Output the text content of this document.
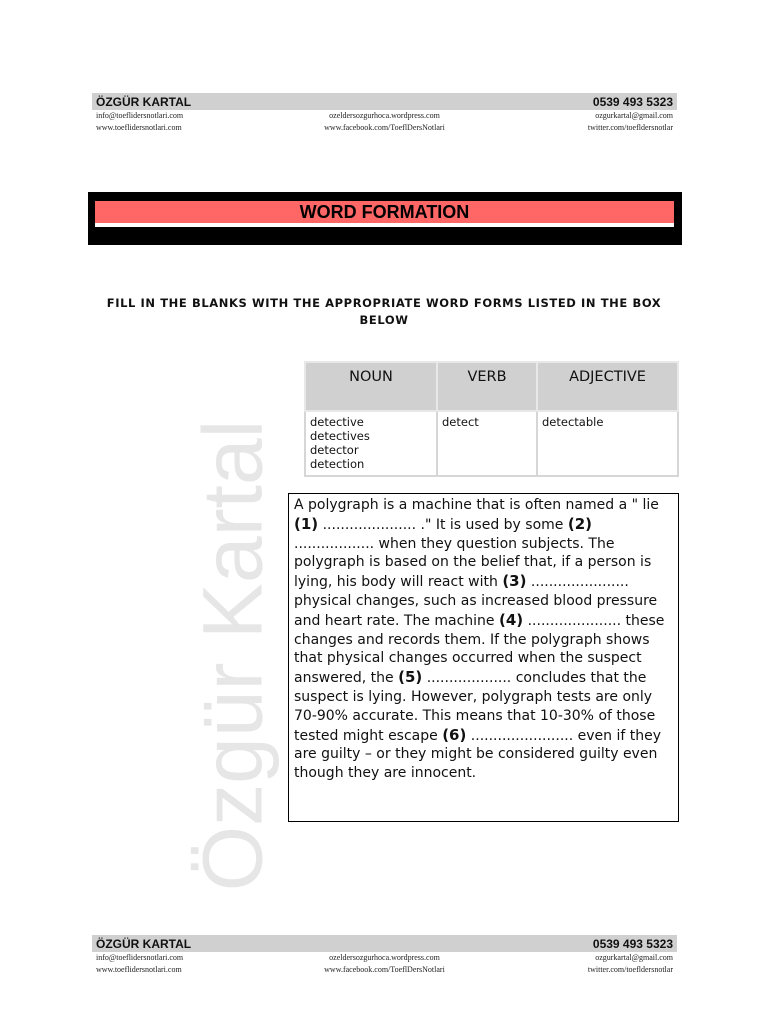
ÖZGÜR KARTAL	0539 493 5323
info@toeflidersnotlari.com	ozeldersozgurhoca.wordpress.com	ozgurkartal@gmail.com
www.toeflidersnotlari.com	www.facebook.com/ToeflDersNotlari	twitter.com/toefldersnotlar
WORD FORMATION
FILL IN THE BLANKS WITH THE APPROPRIATE WORD FORMS LISTED IN THE BOX BELOW
Özgür Kartal
NOUN	VERB	ADJECTIVE

detective
detectives
detector
detection	detect	detectable
A polygraph is a machine that is often named a " lie (1) ..................... ." It is used by some (2) .................. when they question subjects. The polygraph is based on the belief that, if a person is lying, his body will react with (3) ...................... physical changes, such as increased blood pressure and heart rate. The machine (4) ..................... these changes and records them. If the polygraph shows that physical changes occurred when the suspect answered, the (5) ................... concludes that the suspect is lying. However, polygraph tests are only 70-90% accurate. This means that 10-30% of those tested might escape (6) ....................... even if they are guilty – or they might be considered guilty even though they are innocent.
ÖZGÜR KARTAL	0539 493 5323
info@toeflidersnotlari.com	ozeldersozgurhoca.wordpress.com	ozgurkartal@gmail.com
www.toeflidersnotlari.com	www.facebook.com/ToeflDersNotlari	twitter.com/toefldersnotlar
